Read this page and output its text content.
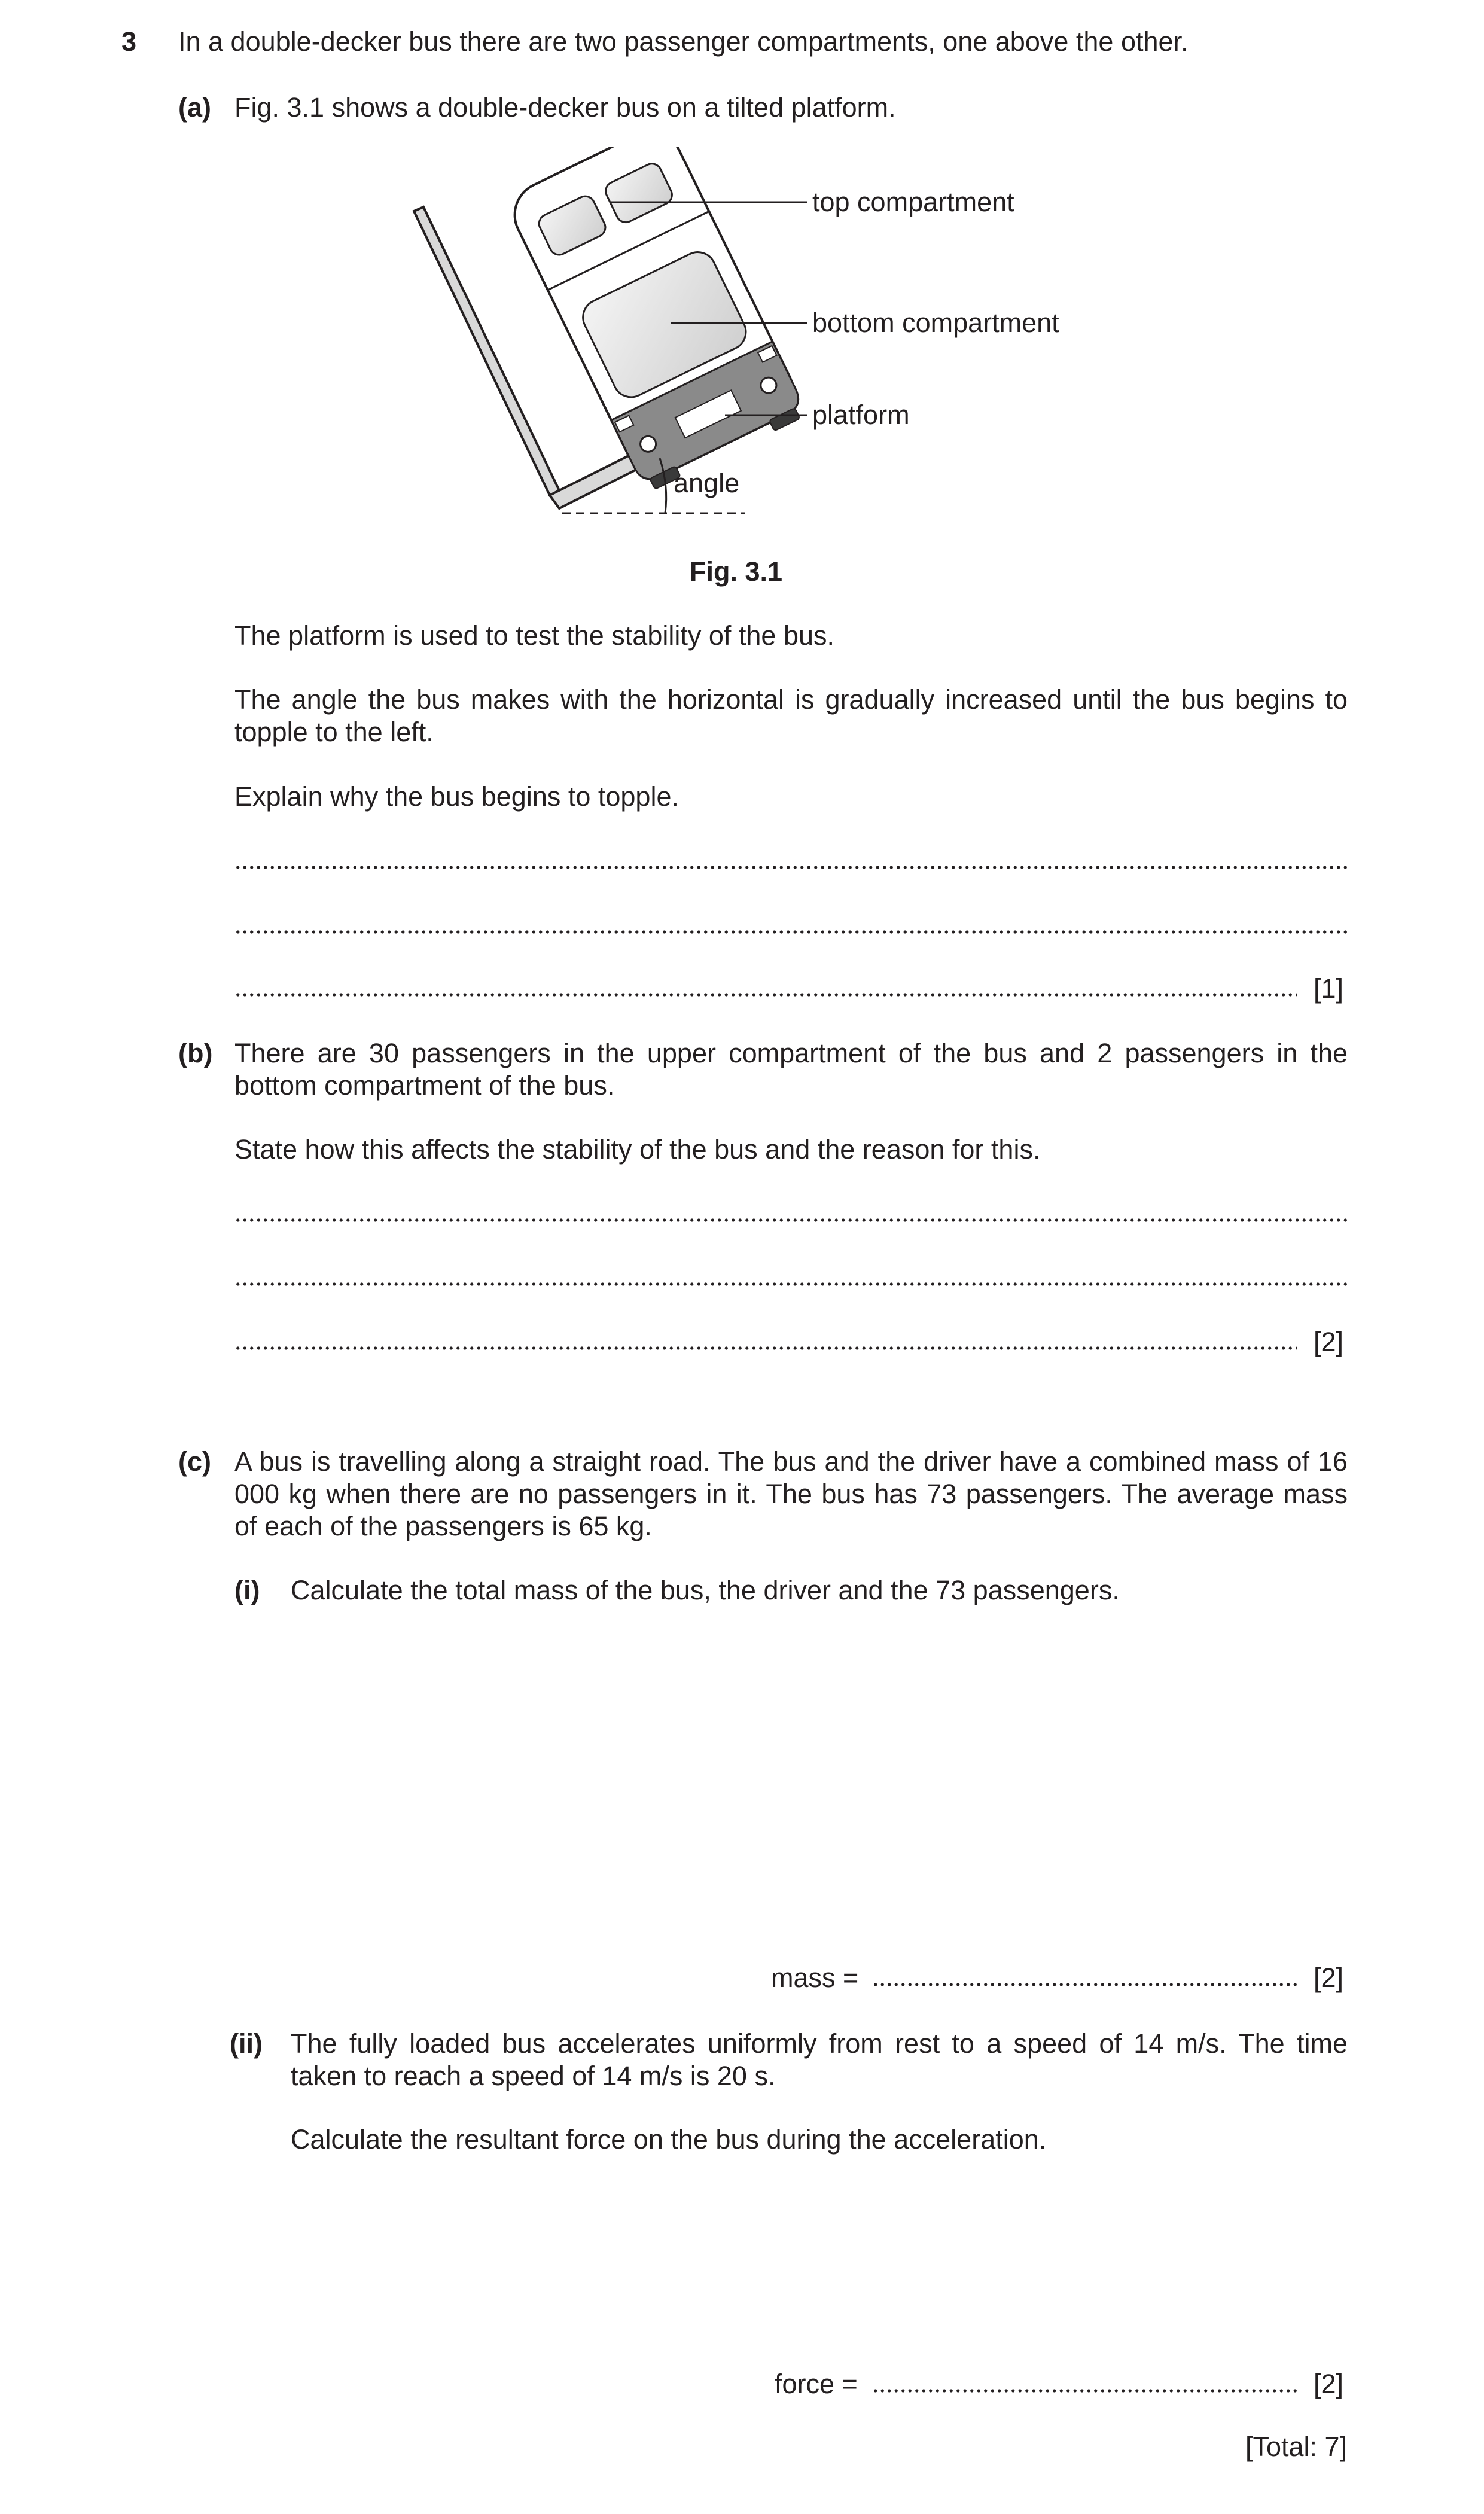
3 In a double-decker bus there are two passenger compartments, one above the other.
(a) Fig. 3.1 shows a double-decker bus on a tilted platform.
top compartment
bottom compartment
platform
angle
Fig. 3.1
The platform is used to test the stability of the bus.
The angle the bus makes with the horizontal is gradually increased until the bus begins to topple to the left.
Explain why the bus begins to topple.
[1]
(b) There are 30 passengers in the upper compartment of the bus and 2 passengers in the bottom compartment of the bus.
State how this affects the stability of the bus and the reason for this.
[2]
(c) A bus is travelling along a straight road. The bus and the driver have a combined mass of 16 000 kg when there are no passengers in it. The bus has 73 passengers. The average mass of each of the passengers is 65 kg.
(i) Calculate the total mass of the bus, the driver and the 73 passengers.
mass =	[2]
(ii) The fully loaded bus accelerates uniformly from rest to a speed of 14 m/s. The time taken to reach a speed of 14 m/s is 20 s.
Calculate the resultant force on the bus during the acceleration.
force =	[2]
[Total: 7]
